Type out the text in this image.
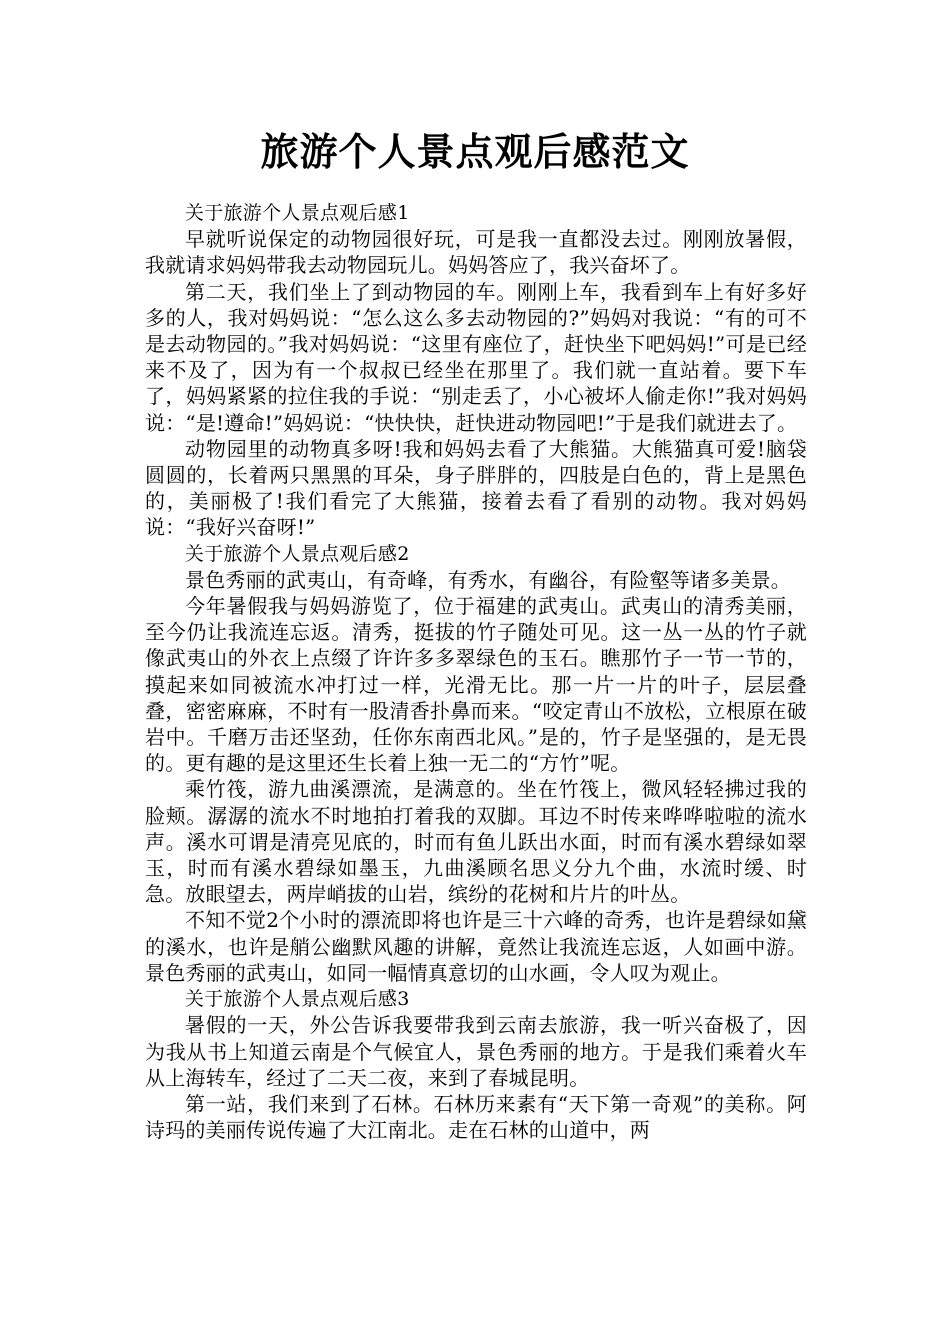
旅游个人景点观后感范文

关于旅游个人景点观后感1

早就听说保定的动物园很好玩，可是我一直都没去过。刚刚放暑假，我就请求妈妈带我去动物园玩儿。妈妈答应了，我兴奋坏了。

第二天，我们坐上了到动物园的车。刚刚上车，我看到车上有好多好多的人，我对妈妈说：“怎么这么多去动物园的?”妈妈对我说：“有的可不是去动物园的。”我对妈妈说：“这里有座位了，赶快坐下吧妈妈!”可是已经来不及了，因为有一个叔叔已经坐在那里了。我们就一直站着。要下车了，妈妈紧紧的拉住我的手说：“别走丢了，小心被坏人偷走你!”我对妈妈说：“是!遵命!”妈妈说：“快快快，赶快进动物园吧!”于是我们就进去了。

动物园里的动物真多呀!我和妈妈去看了大熊猫。大熊猫真可爱!脑袋圆圆的，长着两只黑黑的耳朵，身子胖胖的，四肢是白色的，背上是黑色的，美丽极了!我们看完了大熊猫，接着去看了看别的动物。我对妈妈说：“我好兴奋呀!”

关于旅游个人景点观后感2

景色秀丽的武夷山，有奇峰，有秀水，有幽谷，有险壑等诸多美景。

今年暑假我与妈妈游览了，位于福建的武夷山。武夷山的清秀美丽，至今仍让我流连忘返。清秀，挺拔的竹子随处可见。这一丛一丛的竹子就像武夷山的外衣上点缀了许许多多翠绿色的玉石。瞧那竹子一节一节的，摸起来如同被流水冲打过一样，光滑无比。那一片一片的叶子，层层叠叠，密密麻麻，不时有一股清香扑鼻而来。“咬定青山不放松，立根原在破岩中。千磨万击还坚劲，任你东南西北风。”是的，竹子是坚强的，是无畏的。更有趣的是这里还生长着上独一无二的“方竹”呢。

乘竹筏，游九曲溪漂流，是满意的。坐在竹筏上，微风轻轻拂过我的脸颊。潺潺的流水不时地拍打着我的双脚。耳边不时传来哗哗啦啦的流水声。溪水可谓是清亮见底的，时而有鱼儿跃出水面，时而有溪水碧绿如翠玉，时而有溪水碧绿如墨玉，九曲溪顾名思义分九个曲，水流时缓、时急。放眼望去，两岸峭拔的山岩，缤纷的花树和片片的叶丛。

不知不觉2个小时的漂流即将也许是三十六峰的奇秀，也许是碧绿如黛的溪水，也许是艄公幽默风趣的讲解，竟然让我流连忘返，人如画中游。景色秀丽的武夷山，如同一幅情真意切的山水画，令人叹为观止。

关于旅游个人景点观后感3

暑假的一天，外公告诉我要带我到云南去旅游，我一听兴奋极了，因为我从书上知道云南是个气候宜人，景色秀丽的地方。于是我们乘着火车从上海转车，经过了二天二夜，来到了春城昆明。

第一站，我们来到了石林。石林历来素有“天下第一奇观”的美称。阿诗玛的美丽传说传遍了大江南北。走在石林的山道中，两
